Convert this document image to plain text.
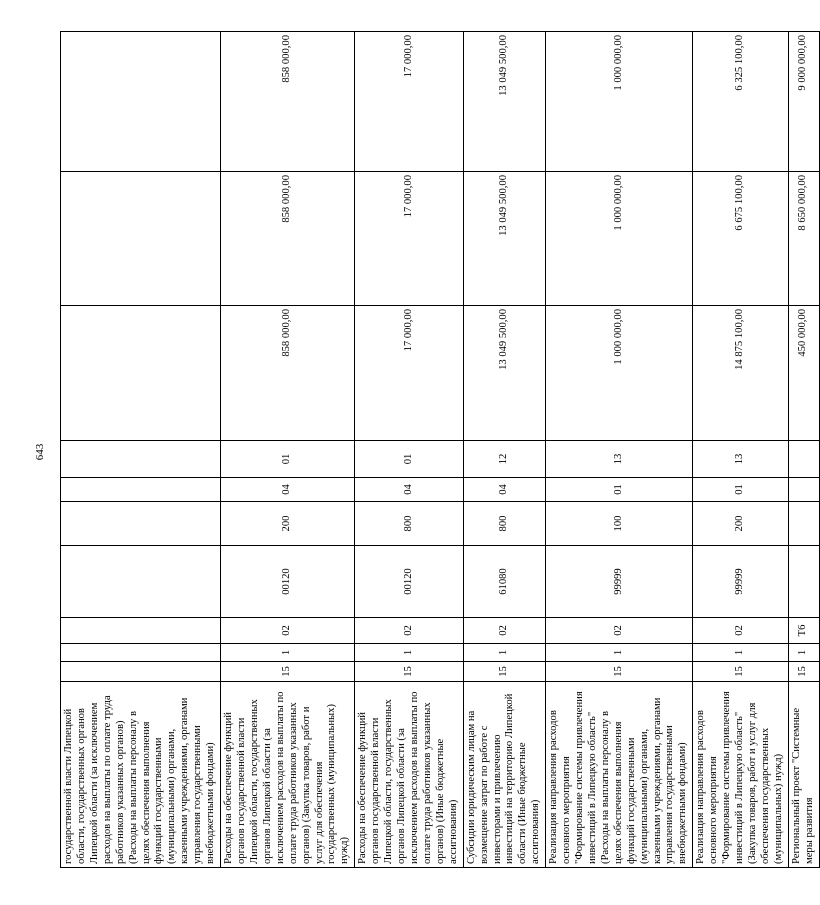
643
государственной власти Липецкой области, государственных органов Липецкой области (за исключением расходов на выплаты по оплате труда работников указанных органов) (Расходы на выплаты персоналу в целях обеспечения выполнения функций государственными (муниципальными) органами, казенными учреждениями, органами управления государственными внебюджетными фондами)										
Расходы на обеспечение функций органов государственной власти Липецкой области, государственных органов Липецкой области (за исключением расходов на выплаты по оплате труда работников указанных органов) (Закупка товаров, работ и услуг для обеспечения государственных (муниципальных) нужд)	15	1	02	00120	200	04	01	858 000,00	858 000,00	858 000,00
Расходы на обеспечение функций органов государственной власти Липецкой области, государственных органов Липецкой области (за исключением расходов на выплаты по оплате труда работников указанных органов) (Иные бюджетные ассигнования)	15	1	02	00120	800	04	01	17 000,00	17 000,00	17 000,00
Субсидии юридическим лицам на возмещение затрат по работе с инвесторами и привлечению инвестиций на территорию Липецкой области (Иные бюджетные ассигнования)	15	1	02	61080	800	04	12	13 049 500,00	13 049 500,00	13 049 500,00
Реализация направления расходов основного мероприятия "Формирование системы привлечения инвестиций в Липецкую область" (Расходы на выплаты персоналу в целях обеспечения выполнения функций государственными (муниципальными) органами, казенными учреждениями, органами управления государственными внебюджетными фондами)	15	1	02	99999	100	01	13	1 000 000,00	1 000 000,00	1 000 000,00
Реализация направления расходов основного мероприятия "Формирование системы привлечения инвестиций в Липецкую область" (Закупка товаров, работ и услуг для обеспечения государственных (муниципальных) нужд)	15	1	02	99999	200	01	13	14 875 100,00	6 675 100,00	6 325 100,00
Региональный проект "Системные меры развития	15	1	Т6					450 000,00	8 650 000,00	9 000 000,00
